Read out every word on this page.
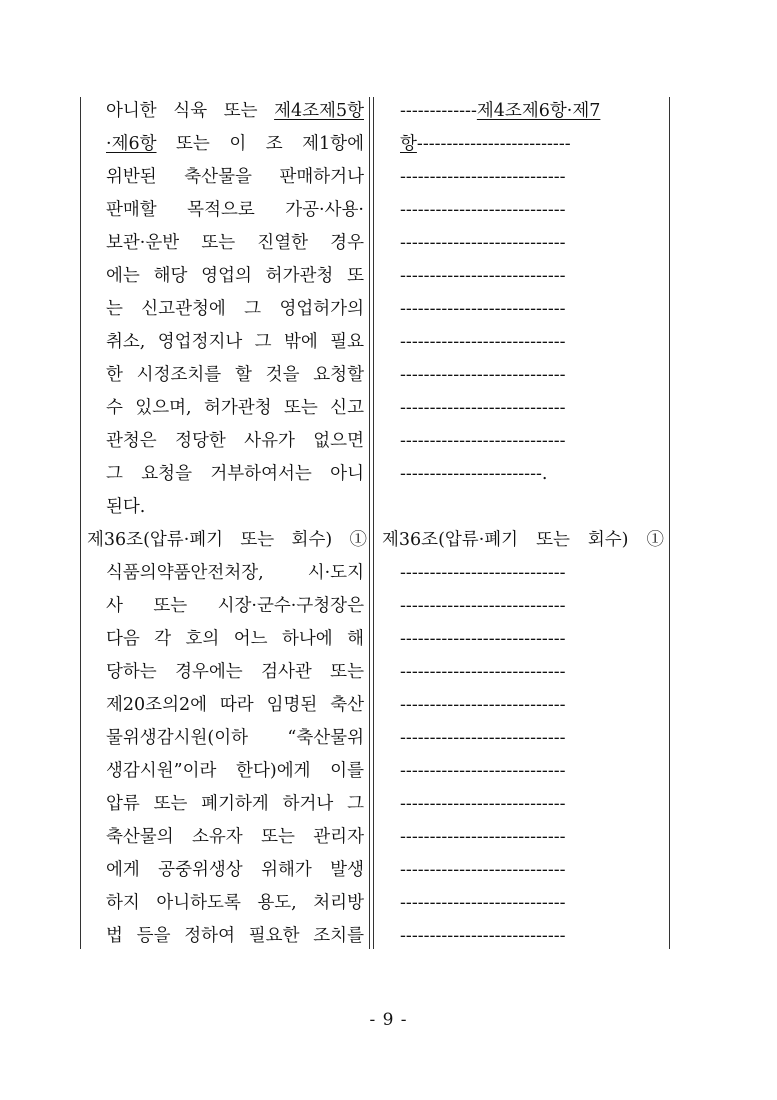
아니한 식육 또는 제4조제5항
·제6항 또는 이 조 제1항에
위반된 축산물을 판매하거나
판매할 목적으로 가공·사용·
보관·운반 또는 진열한 경우
에는 해당 영업의 허가관청 또
는 신고관청에 그 영업허가의
취소, 영업정지나 그 밖에 필요
한 시정조치를 할 것을 요청할
수 있으며, 허가관청 또는 신고
관청은 정당한 사유가 없으면
그 요청을 거부하여서는 아니
된다.
제36조(압류·폐기 또는 회수) ①
식품의약품안전처장, 시·도지
사 또는 시장·군수·구청장은
다음 각 호의 어느 하나에 해
당하는 경우에는 검사관 또는
제20조의2에 따라 임명된 축산
물위생감시원(이하 “축산물위
생감시원”이라 한다)에게 이를
압류 또는 폐기하게 하거나 그
축산물의 소유자 또는 관리자
에게 공중위생상 위해가 발생
하지 아니하도록 용도, 처리방
법 등을 정하여 필요한 조치를
-------------제4조제6항·제7
항--------------------------
----------------------------
----------------------------
----------------------------
----------------------------
----------------------------
----------------------------
----------------------------
----------------------------
----------------------------
------------------------.
제36조(압류·폐기 또는 회수) ①
----------------------------
----------------------------
----------------------------
----------------------------
----------------------------
----------------------------
----------------------------
----------------------------
----------------------------
----------------------------
----------------------------
----------------------------
- 9 -
